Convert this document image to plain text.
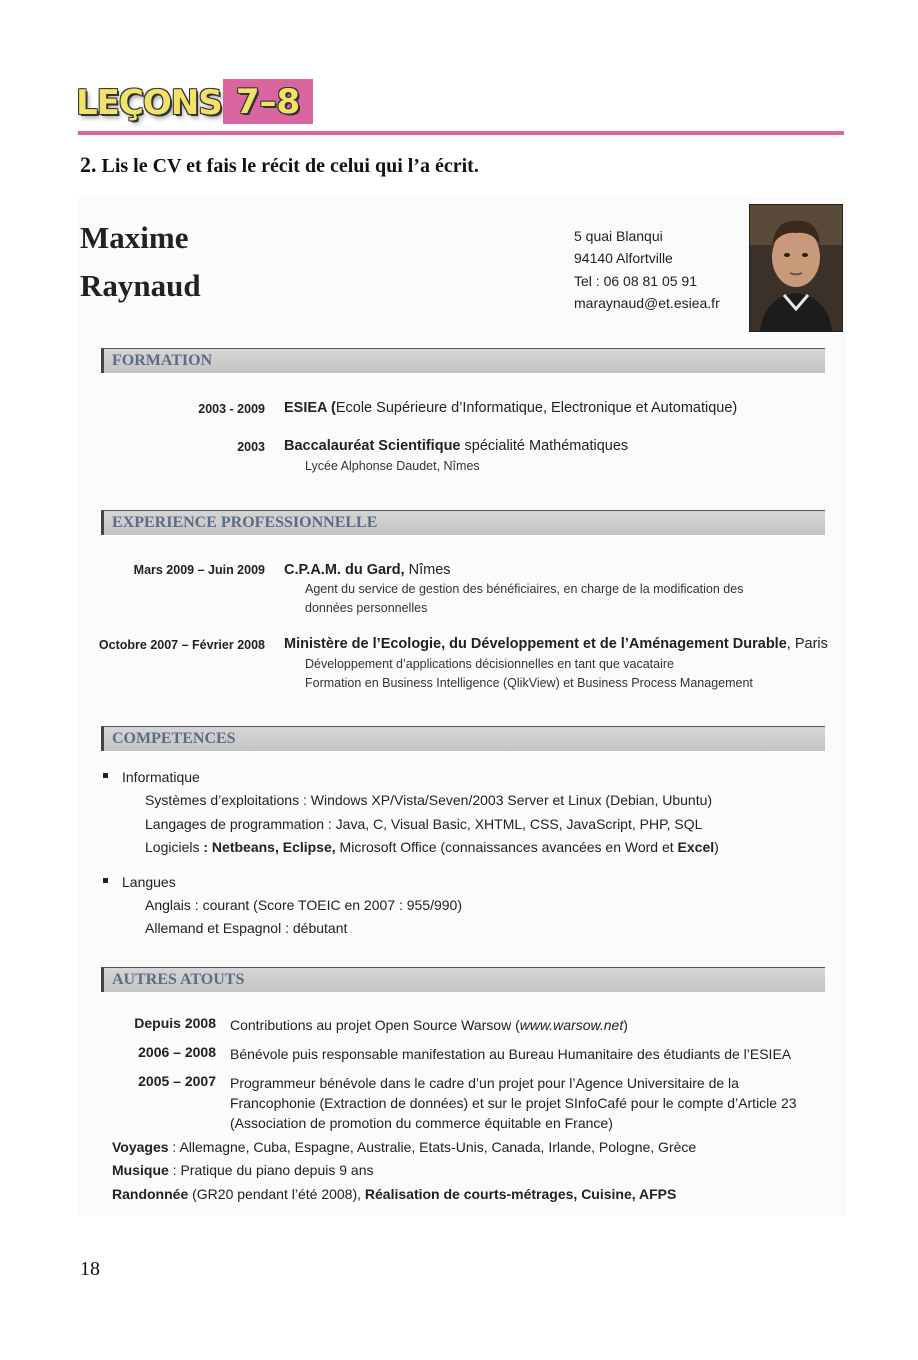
LEÇONS 7–8
2. Lis le CV et fais le récit de celui qui l’a écrit.
Maxime
Raynaud
5 quai Blanqui
94140 Alfortville
Tel : 06 08 81 05 91
maraynaud@et.esiea.fr
FORMATION
2003 - 2009 ESIEA (Ecole Supérieure d’Informatique, Electronique et Automatique)
2003 Baccalauréat Scientifique spécialité Mathématiques
Lycée Alphonse Daudet, Nîmes
EXPERIENCE PROFESSIONNELLE
Mars 2009 – Juin 2009 C.P.A.M. du Gard, Nîmes
Agent du service de gestion des bénéficiaires, en charge de la modification des
données personnelles
Octobre 2007 – Février 2008 Ministère de l’Ecologie, du Développement et de l’Aménagement Durable, Paris
Développement d’applications décisionnelles en tant que vacataire
Formation en Business Intelligence (QlikView) et Business Process Management
COMPETENCES
Informatique
Systèmes d’exploitations : Windows XP/Vista/Seven/2003 Server et Linux (Debian, Ubuntu)
Langages de programmation : Java, C, Visual Basic, XHTML, CSS, JavaScript, PHP, SQL
Logiciels : Netbeans, Eclipse, Microsoft Office (connaissances avancées en Word et Excel)
Langues
Anglais : courant (Score TOEIC en 2007 : 955/990)
Allemand et Espagnol : débutant
AUTRES ATOUTS
Depuis 2008 Contributions au projet Open Source Warsow (www.warsow.net)
2006 – 2008 Bénévole puis responsable manifestation au Bureau Humanitaire des étudiants de l’ESIEA
2005 – 2007 Programmeur bénévole dans le cadre d’un projet pour l’Agence Universitaire de la Francophonie (Extraction de données) et sur le projet SInfoCafé pour le compte d’Article 23 (Association de promotion du commerce équitable en France)
Voyages : Allemagne, Cuba, Espagne, Australie, Etats-Unis, Canada, Irlande, Pologne, Grèce
Musique : Pratique du piano depuis 9 ans
Randonnée (GR20 pendant l’été 2008), Réalisation de courts-métrages, Cuisine, AFPS
18
